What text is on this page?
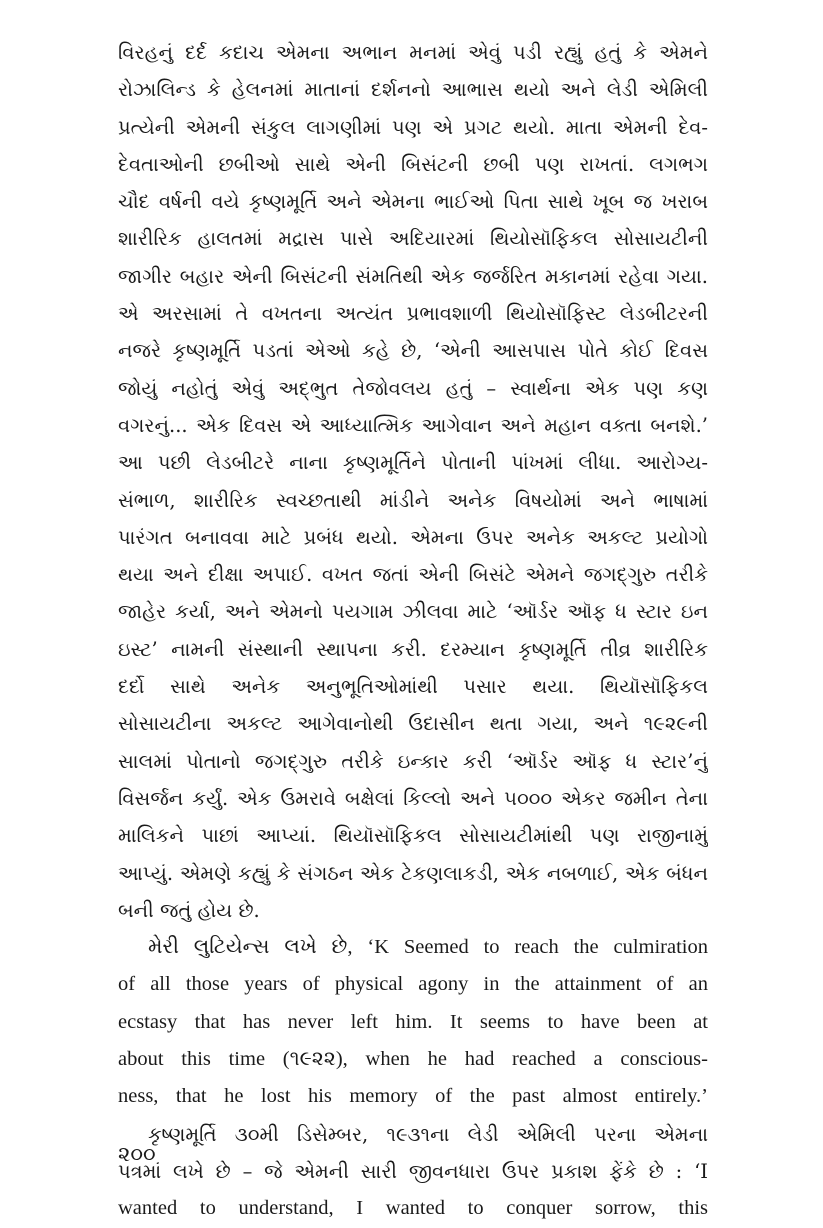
વિરહનું દર્દ કદાચ એમના અભાન મનમાં એવું પડી રહ્યું હતું કે એમને
રોઝાલિન્ડ કે હેલનમાં માતાનાં દર્શનનો આભાસ થયો અને લેડી એમિલી
પ્રત્યેની એમની સંકુલ લાગણીમાં પણ એ પ્રગટ થયો. માતા એમની દેવ-
દેવતાઓની છબીઓ સાથે એની બિસંટની છબી પણ રાખતાં. લગભગ
ચૌદ વર્ષની વયે કૃષ્ણમૂર્તિ અને એમના ભાઈઓ પિતા સાથે ખૂબ જ ખરાબ
શારીરિક હાલતમાં મદ્રાસ પાસે અદિયારમાં થિયોસૉફિકલ સોસાયટીની
જાગીર બહાર એની બિસંટની સંમતિથી એક જર્જરિત મકાનમાં રહેવા ગયા.
એ અરસામાં તે વખતના અત્યંત પ્રભાવશાળી થિયોસૉફિસ્ટ લેડબીટરની
નજરે કૃષ્ણમૂર્તિ પડતાં એઓ કહે છે, ‘એની આસપાસ પોતે કોઈ દિવસ
જોયું નહોતું એવું અદ્ભુત તેજોવલય હતું – સ્વાર્થના એક પણ કણ
વગરનું... એક દિવસ એ આધ્યાત્મિક આગેવાન અને મહાન વક્તા બનશે.’
આ પછી લેડબીટરે નાના કૃષ્ણમૂર્તિને પોતાની પાંખમાં લીધા. આરોગ્ય-
સંભાળ, શારીરિક સ્વચ્છતાથી માંડીને અનેક વિષયોમાં અને ભાષામાં
પારંગત બનાવવા માટે પ્રબંધ થયો. એમના ઉપર અનેક અકલ્ટ પ્રયોગો
થયા અને દીક્ષા અપાઈ. વખત જતાં એની બિસંટે એમને જગદ્ગુરુ તરીકે
જાહેર કર્યા, અને એમનો પયગામ ઝીલવા માટે ‘ઑર્ડર ઑફ ધ સ્ટાર ઇન
ઇસ્ટ’ નામની સંસ્થાની સ્થાપના કરી. દરમ્યાન કૃષ્ણમૂર્તિ તીવ્ર શારીરિક
દર્દો સાથે અનેક અનુભૂતિઓમાંથી પસાર થયા. થિયૉસૉફિકલ
સોસાયટીના અકલ્ટ આગેવાનોથી ઉદાસીન થતા ગયા, અને ૧૯૨૯ની
સાલમાં પોતાનો જગદ્ગુરુ તરીકે ઇન્કાર કરી ‘ઑર્ડર ઑફ ધ સ્ટાર’નું
વિસર્જન કર્યું. એક ઉમરાવે બક્ષેલાં કિલ્લો અને ૫૦૦૦ એકર જમીન તેના
માલિકને પાછાં આપ્યાં. થિયૉસૉફિકલ સોસાયટીમાંથી પણ રાજીનામું
આપ્યું. એમણે કહ્યું કે સંગઠન એક ટેકણલાકડી, એક નબળાઈ, એક બંધન
બની જતું હોય છે.
મેરી લુટિયેન્સ લખે છે, ‘K Seemed to reach the culmiration
of all those years of physical agony in the attainment of an
ecstasy that has never left him. It seems to have been at
about this time (૧૯૨૨), when he had reached a conscious-
ness, that he lost his memory of the past almost entirely.’
કૃષ્ણમૂર્તિ ૩૦મી ડિસેમ્બર, ૧૯૩૧ના લેડી એમિલી પરના એમના
પત્રમાં લખે છે – જે એમની સારી જીવનધારા ઉપર પ્રકાશ ફેંકે છે : ‘I
wanted to understand, I wanted to conquer sorrow, this
૨૦૦
